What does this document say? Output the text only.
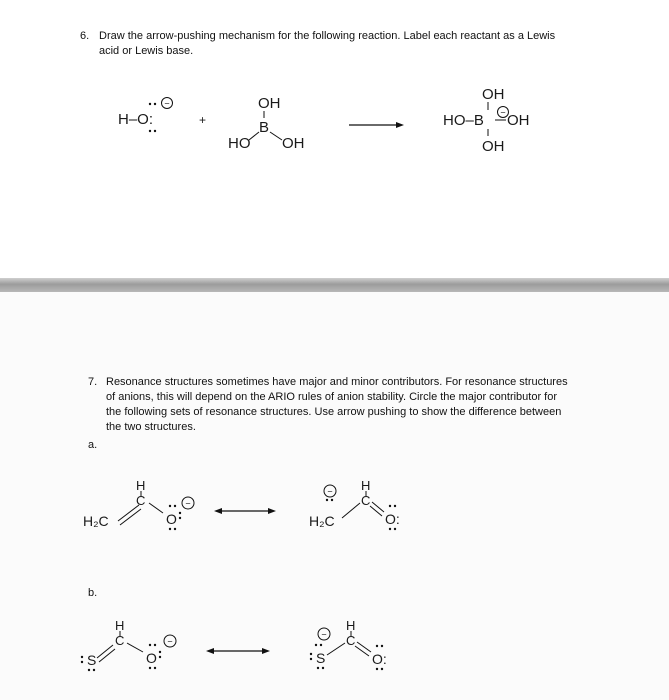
6. Draw the arrow-pushing mechanism for the following reaction. Label each reactant as a Lewis
acid or Lewis base.
7. Resonance structures sometimes have major and minor contributors. For resonance structures
of anions, this will depend on the ARIO rules of anion stability. Circle the major contributor for
the following sets of resonance structures. Use arrow pushing to show the difference between
the two structures.
a.
b.
H–O:
−
+
OH
B
HO OH
OH
HO–B − OH
OH
H₂C
H
C
O
−
−
H₂C
H
C
O:
S
H
C
O
−
−
S
H
C
O:
